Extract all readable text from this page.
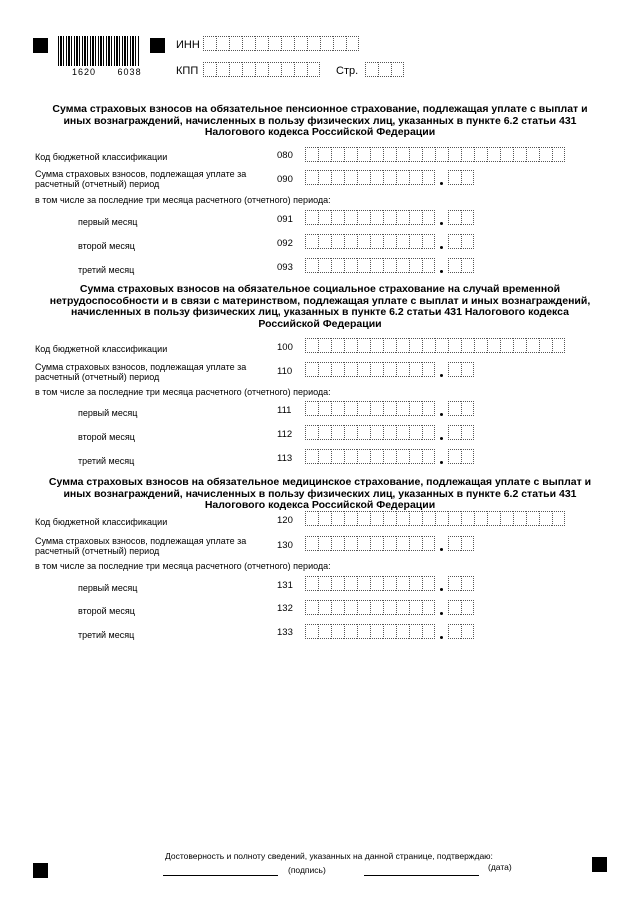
1620 6038
ИНН
КПП	Стр.
Сумма страховых взносов на обязательное пенсионное страхование, подлежащая уплате с выплат и иных вознаграждений, начисленных в пользу физических лиц, указанных в пункте 6.2 статьи 431 Налогового кодекса Российской Федерации
Код бюджетной классификации	080
Сумма страховых взносов, подлежащая уплате за расчетный (отчетный) период	090
в том числе за последние три месяца расчетного (отчетного) периода:
первый месяц	091
второй месяц	092
третий месяц	093
Сумма страховых взносов на обязательное социальное страхование на случай временной нетрудоспособности и в связи с материнством, подлежащая уплате с выплат и иных вознаграждений, начисленных в пользу физических лиц, указанных в пункте 6.2 статьи 431 Налогового кодекса Российской Федерации
Код бюджетной классификации	100
Сумма страховых взносов, подлежащая уплате за расчетный (отчетный) период	110
в том числе за последние три месяца расчетного (отчетного) периода:
первый месяц	111
второй месяц	112
третий месяц	113
Сумма страховых взносов на обязательное медицинское страхование, подлежащая уплате с выплат и иных вознаграждений, начисленных в пользу физических лиц, указанных в пункте 6.2 статьи 431 Налогового кодекса Российской Федерации
Код бюджетной классификации	120
Сумма страховых взносов, подлежащая уплате за расчетный (отчетный) период	130
в том числе за последние три месяца расчетного (отчетного) периода:
первый месяц	131
второй месяц	132
третий месяц	133
Достоверность и полноту сведений, указанных на данной странице, подтверждаю:
(подпись)	(дата)
